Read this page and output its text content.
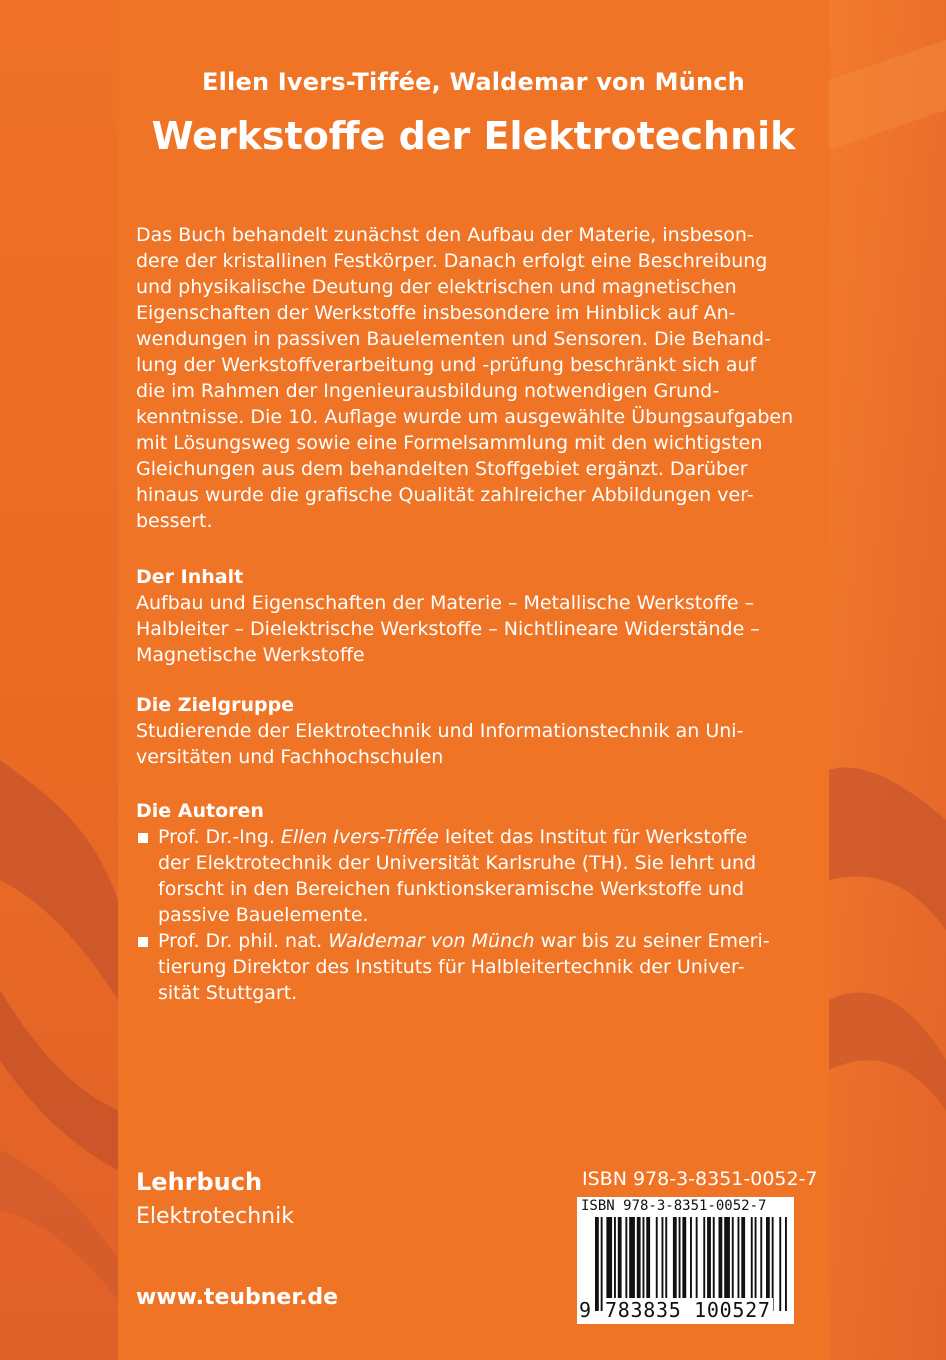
Ellen Ivers-Tiffée, Waldemar von Münch
Werkstoffe der Elektrotechnik
Das Buch behandelt zunächst den Aufbau der Materie, insbeson-
dere der kristallinen Festkörper. Danach erfolgt eine Beschreibung
und physikalische Deutung der elektrischen und magnetischen
Eigenschaften der Werkstoffe insbesondere im Hinblick auf An-
wendungen in passiven Bauelementen und Sensoren. Die Behand-
lung der Werkstoffverarbeitung und -prüfung beschränkt sich auf
die im Rahmen der Ingenieurausbildung notwendigen Grund-
kenntnisse. Die 10. Auflage wurde um ausgewählte Übungsaufgaben
mit Lösungsweg sowie eine Formelsammlung mit den wichtigsten
Gleichungen aus dem behandelten Stoffgebiet ergänzt. Darüber
hinaus wurde die grafische Qualität zahlreicher Abbildungen ver-
bessert.
Der Inhalt
Aufbau und Eigenschaften der Materie – Metallische Werkstoffe –
Halbleiter – Dielektrische Werkstoffe – Nichtlineare Widerstände –
Magnetische Werkstoffe
Die Zielgruppe
Studierende der Elektrotechnik und Informationstechnik an Uni-
versitäten und Fachhochschulen
Die Autoren
Prof. Dr.-Ing. Ellen Ivers-Tiffée leitet das Institut für Werkstoffe
der Elektrotechnik der Universität Karlsruhe (TH). Sie lehrt und
forscht in den Bereichen funktionskeramische Werkstoffe und
passive Bauelemente.
Prof. Dr. phil. nat. Waldemar von Münch war bis zu seiner Emeri-
tierung Direktor des Instituts für Halbleitertechnik der Univer-
sität Stuttgart.
Lehrbuch
Elektrotechnik
www.teubner.de
ISBN 978-3-8351-0052-7
ISBN 978-3-8351-0052-7
9 783835 100527
